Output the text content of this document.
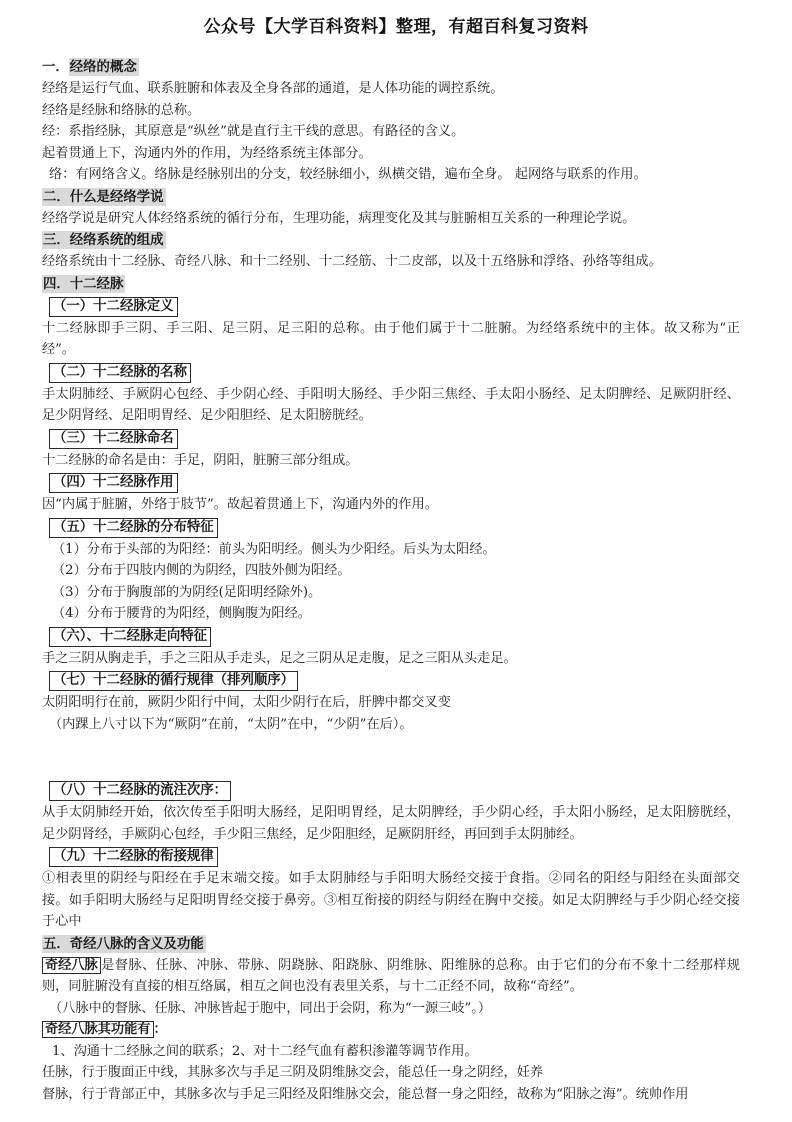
公众号【大学百科资料】整理，有超百科复习资料
一．经络的概念
经络是运行气血、联系脏腑和体表及全身各部的通道，是人体功能的调控系统。
经络是经脉和络脉的总称。
经：系指经脉，其原意是“纵丝”就是直行主干线的意思。有路径的含义。
起着贯通上下，沟通内外的作用，为经络系统主体部分。
络：有网络含义。络脉是经脉别出的分支，较经脉细小，纵横交错，遍布全身。 起网络与联系的作用。
二．什么是经络学说
经络学说是研究人体经络系统的循行分布，生理功能，病理变化及其与脏腑相互关系的一种理论学说。
三．经络系统的组成
经络系统由十二经脉、奇经八脉、和十二经别、十二经筋、十二皮部，以及十五络脉和浮络、孙络等组成。
四．十二经脉
（一）十二经脉定义
十二经脉即手三阴、手三阳、足三阴、足三阳的总称。由于他们属于十二脏腑。为经络系统中的主体。故又称为“正经”。
（二）十二经脉的名称
手太阴肺经、手厥阴心包经、手少阴心经、手阳明大肠经、手少阳三焦经、手太阳小肠经、足太阴脾经、足厥阴肝经、足少阴肾经、足阳明胃经、足少阳胆经、足太阳膀胱经。
（三）十二经脉命名
十二经脉的命名是由：手足，阴阳，脏腑三部分组成。
（四）十二经脉作用
因“内属于脏腑，外络于肢节”。故起着贯通上下，沟通内外的作用。
（五）十二经脉的分布特征
（1）分布于头部的为阳经：前头为阳明经。侧头为少阳经。后头为太阳经。
（2）分布于四肢内侧的为阴经，四肢外侧为阳经。
（3）分布于胸腹部的为阴经(足阳明经除外)。
（4）分布于腰背的为阳经，侧胸腹为阳经。
（六）、十二经脉走向特征
手之三阴从胸走手，手之三阳从手走头，足之三阴从足走腹，足之三阳从头走足。
（七）十二经脉的循行规律（排列顺序）
太阴阳明行在前，厥阴少阳行中间，太阳少阴行在后，肝脾中都交叉变
（内踝上八寸以下为“厥阴”在前，“太阴”在中，“少阴”在后）。
（八）十二经脉的流注次序：
从手太阴肺经开始，依次传至手阳明大肠经，足阳明胃经，足太阴脾经，手少阴心经，手太阳小肠经，足太阳膀胱经，足少阴肾经，手厥阴心包经，手少阳三焦经，足少阳胆经，足厥阴肝经，再回到手太阴肺经。
（九）十二经脉的衔接规律
①相表里的阴经与阳经在手足末端交接。如手太阴肺经与手阳明大肠经交接于食指。②同名的阳经与阳经在头面部交接。如手阳明大肠经与足阳明胃经交接于鼻旁。③相互衔接的阴经与阴经在胸中交接。如足太阴脾经与手少阴心经交接于心中
五．奇经八脉的含义及功能
奇经八脉 是督脉、任脉、冲脉、带脉、阴跷脉、阳跷脉、阴维脉、阳维脉的总称。由于它们的分布不象十二经那样规则，同脏腑没有直接的相互络属，相互之间也没有表里关系，与十二正经不同，故称“奇经”。
（八脉中的督脉、任脉、冲脉皆起于胞中，同出于会阴，称为“一源三岐”。）
奇经八脉其功能有 ：
1、沟通十二经脉之间的联系；2、对十二经气血有蓄积渗灌等调节作用。
任脉，行于腹面正中线，其脉多次与手足三阴及阴维脉交会，能总任一身之阴经，妊养
督脉，行于背部正中，其脉多次与手足三阳经及阳维脉交会，能总督一身之阳经，故称为“阳脉之海”。统帅作用
